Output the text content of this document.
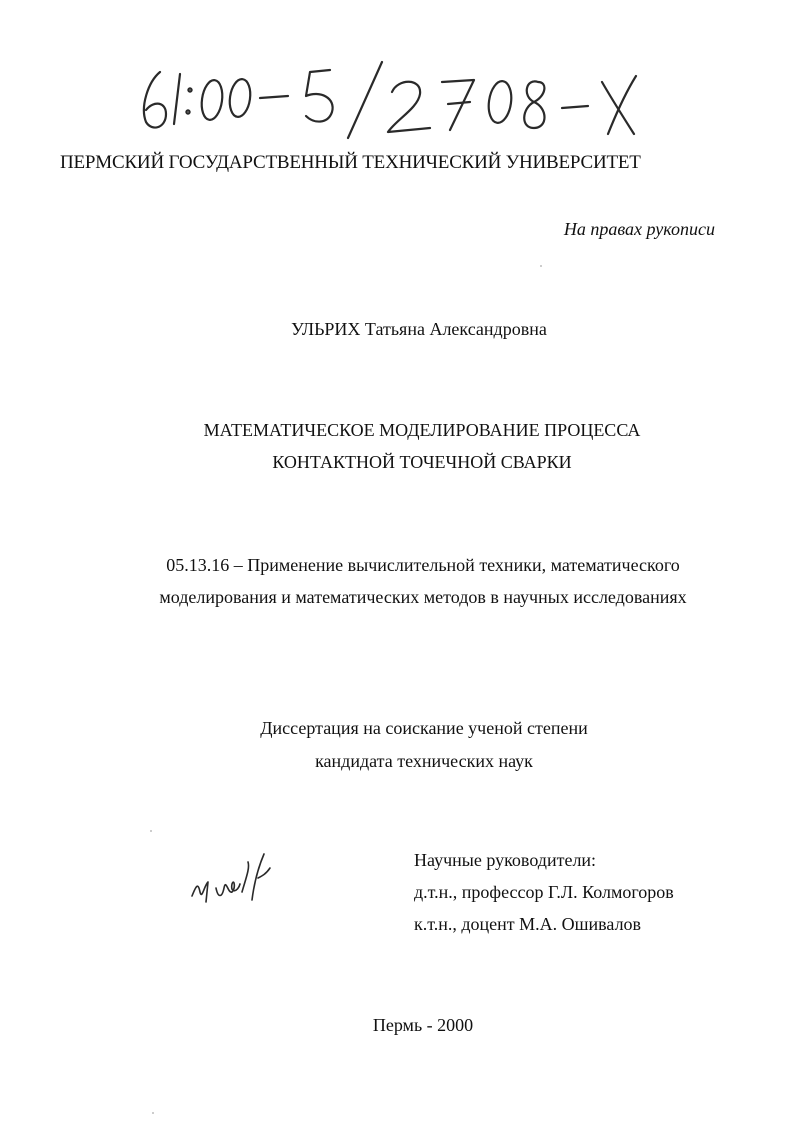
ПЕРМСКИЙ ГОСУДАРСТВЕННЫЙ ТЕХНИЧЕСКИЙ УНИВЕРСИТЕТ
На правах рукописи
УЛЬРИХ Татьяна Александровна
МАТЕМАТИЧЕСКОЕ МОДЕЛИРОВАНИЕ ПРОЦЕССА
КОНТАКТНОЙ ТОЧЕЧНОЙ СВАРКИ
05.13.16 – Применение вычислительной техники, математического
моделирования и математических методов в научных исследованиях
Диссертация на соискание ученой степени
кандидата технических наук
Научные руководители:
д.т.н., профессор Г.Л. Колмогоров
к.т.н., доцент М.А. Ошивалов
Пермь - 2000
